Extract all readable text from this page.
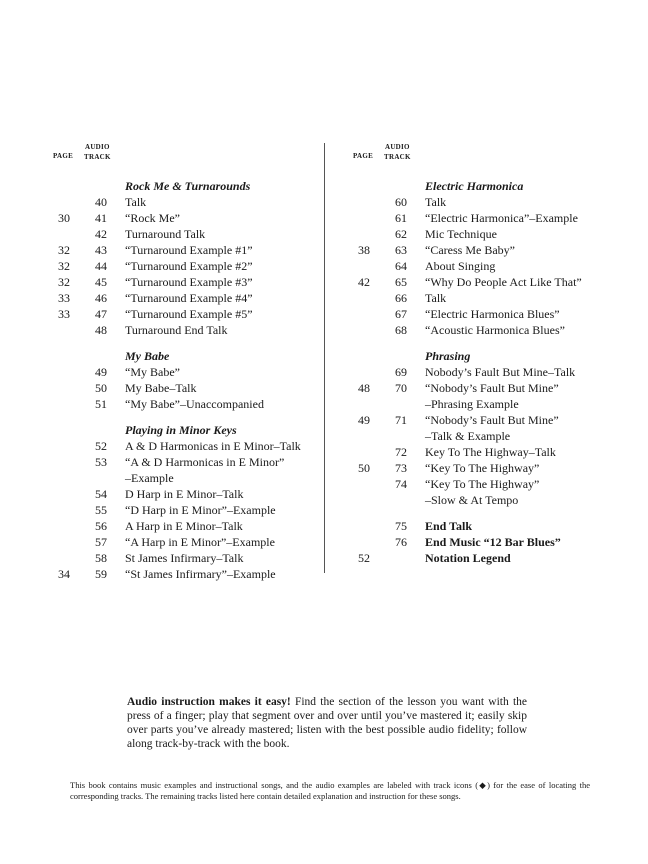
PAGE
AUDIO
TRACK
Rock Me & Turnarounds
40 Talk
30	41 “Rock Me”
42 Turnaround Talk
32	43 “Turnaround Example #1”
32	44 “Turnaround Example #2”
32	45 “Turnaround Example #3”
33	46 “Turnaround Example #4”
33	47 “Turnaround Example #5”
48 Turnaround End Talk
My Babe
49 “My Babe”
50 My Babe–Talk
51 “My Babe”–Unaccompanied
Playing in Minor Keys
52 A & D Harmonicas in E Minor–Talk
53 “A & D Harmonicas in E Minor”
–Example
54 D Harp in E Minor–Talk
55 “D Harp in E Minor”–Example
56 A Harp in E Minor–Talk
57 “A Harp in E Minor”–Example
58 St James Infirmary–Talk
34	59 “St James Infirmary”–Example
PAGE
AUDIO
TRACK
Electric Harmonica
60 Talk
61 “Electric Harmonica”–Example
62 Mic Technique
38	63 “Caress Me Baby”
64 About Singing
42	65 “Why Do People Act Like That”
66 Talk
67 “Electric Harmonica Blues”
68 “Acoustic Harmonica Blues”
Phrasing
69 Nobody’s Fault But Mine–Talk
48	70 “Nobody’s Fault But Mine”
–Phrasing Example
49	71 “Nobody’s Fault But Mine”
–Talk & Example
72 Key To The Highway–Talk
50	73 “Key To The Highway”
74 “Key To The Highway”
–Slow & At Tempo
75 End Talk
76 End Music “12 Bar Blues”
52	Notation Legend
Audio instruction makes it easy! Find the section of the lesson you want with the press of a finger; play that segment over and over until you’ve mastered it; easily skip over parts you’ve already mastered; listen with the best possible audio fidelity; follow along track-by-track with the book.
This book contains music examples and instructional songs, and the audio examples are labeled with track icons (◆) for the ease of locating the corresponding tracks. The remaining tracks listed here contain detailed explanation and instruction for these songs.
